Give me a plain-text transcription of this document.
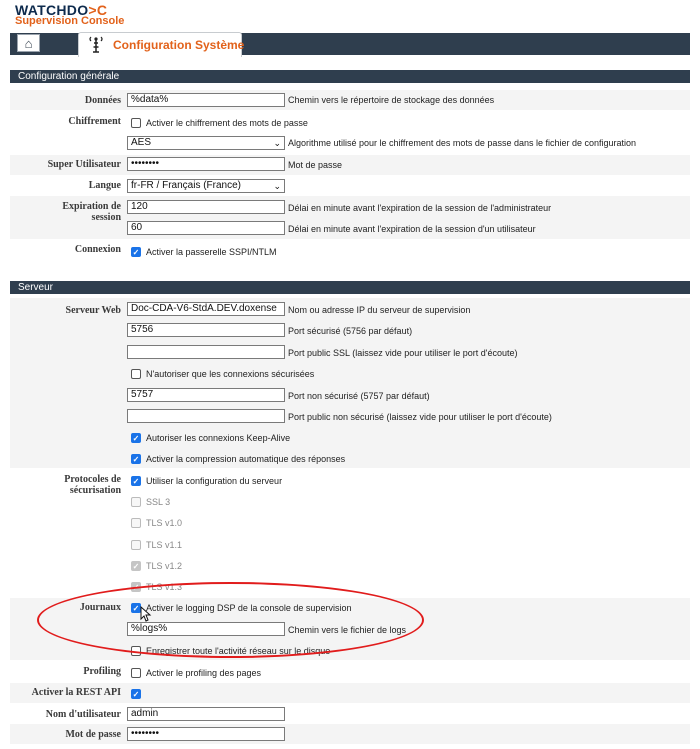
WATCHDO>C
Supervision Console
⌂	Configuration Système
Configuration générale
Données	%data%	Chemin vers le répertoire de stockage des données
Chiffrement	Activer le chiffrement des mots de passe
AES	⌄ Algorithme utilisé pour le chiffrement des mots de passe dans le fichier de configuration
Super Utilisateur	••••••••	Mot de passe
Langue fr-FR / Français (France)	⌄
Expiration de
session
120	Délai en minute avant l'expiration de la session de l'administrateur
60	Délai en minute avant l'expiration de la session d'un utilisateur
Connexion ✓ Activer la passerelle SSPI/NTLM
Serveur
Serveur Web	Doc-CDA-V6-StdA.DEV.doxense	Nom ou adresse IP du serveur de supervision
5756	Port sécurisé (5756 par défaut)
Port public SSL (laissez vide pour utiliser le port d'écoute)
N'autoriser que les connexions sécurisées
5757	Port non sécurisé (5757 par défaut)
Port public non sécurisé (laissez vide pour utiliser le port d'écoute)
✓ Autoriser les connexions Keep-Alive
✓ Activer la compression automatique des réponses
Protocoles de
sécurisation
✓ Utiliser la configuration du serveur
SSL 3
TLS v1.0
TLS v1.1
✓ TLS v1.2
✓ TLS v1.3
Journaux ✓ Activer le logging DSP de la console de supervision
%logs%	Chemin vers le fichier de logs
Enregistrer toute l'activité réseau sur le disque
Profiling	Activer le profiling des pages
Activer la REST API ✓
Nom d'utilisateur	admin
Mot de passe	••••••••
